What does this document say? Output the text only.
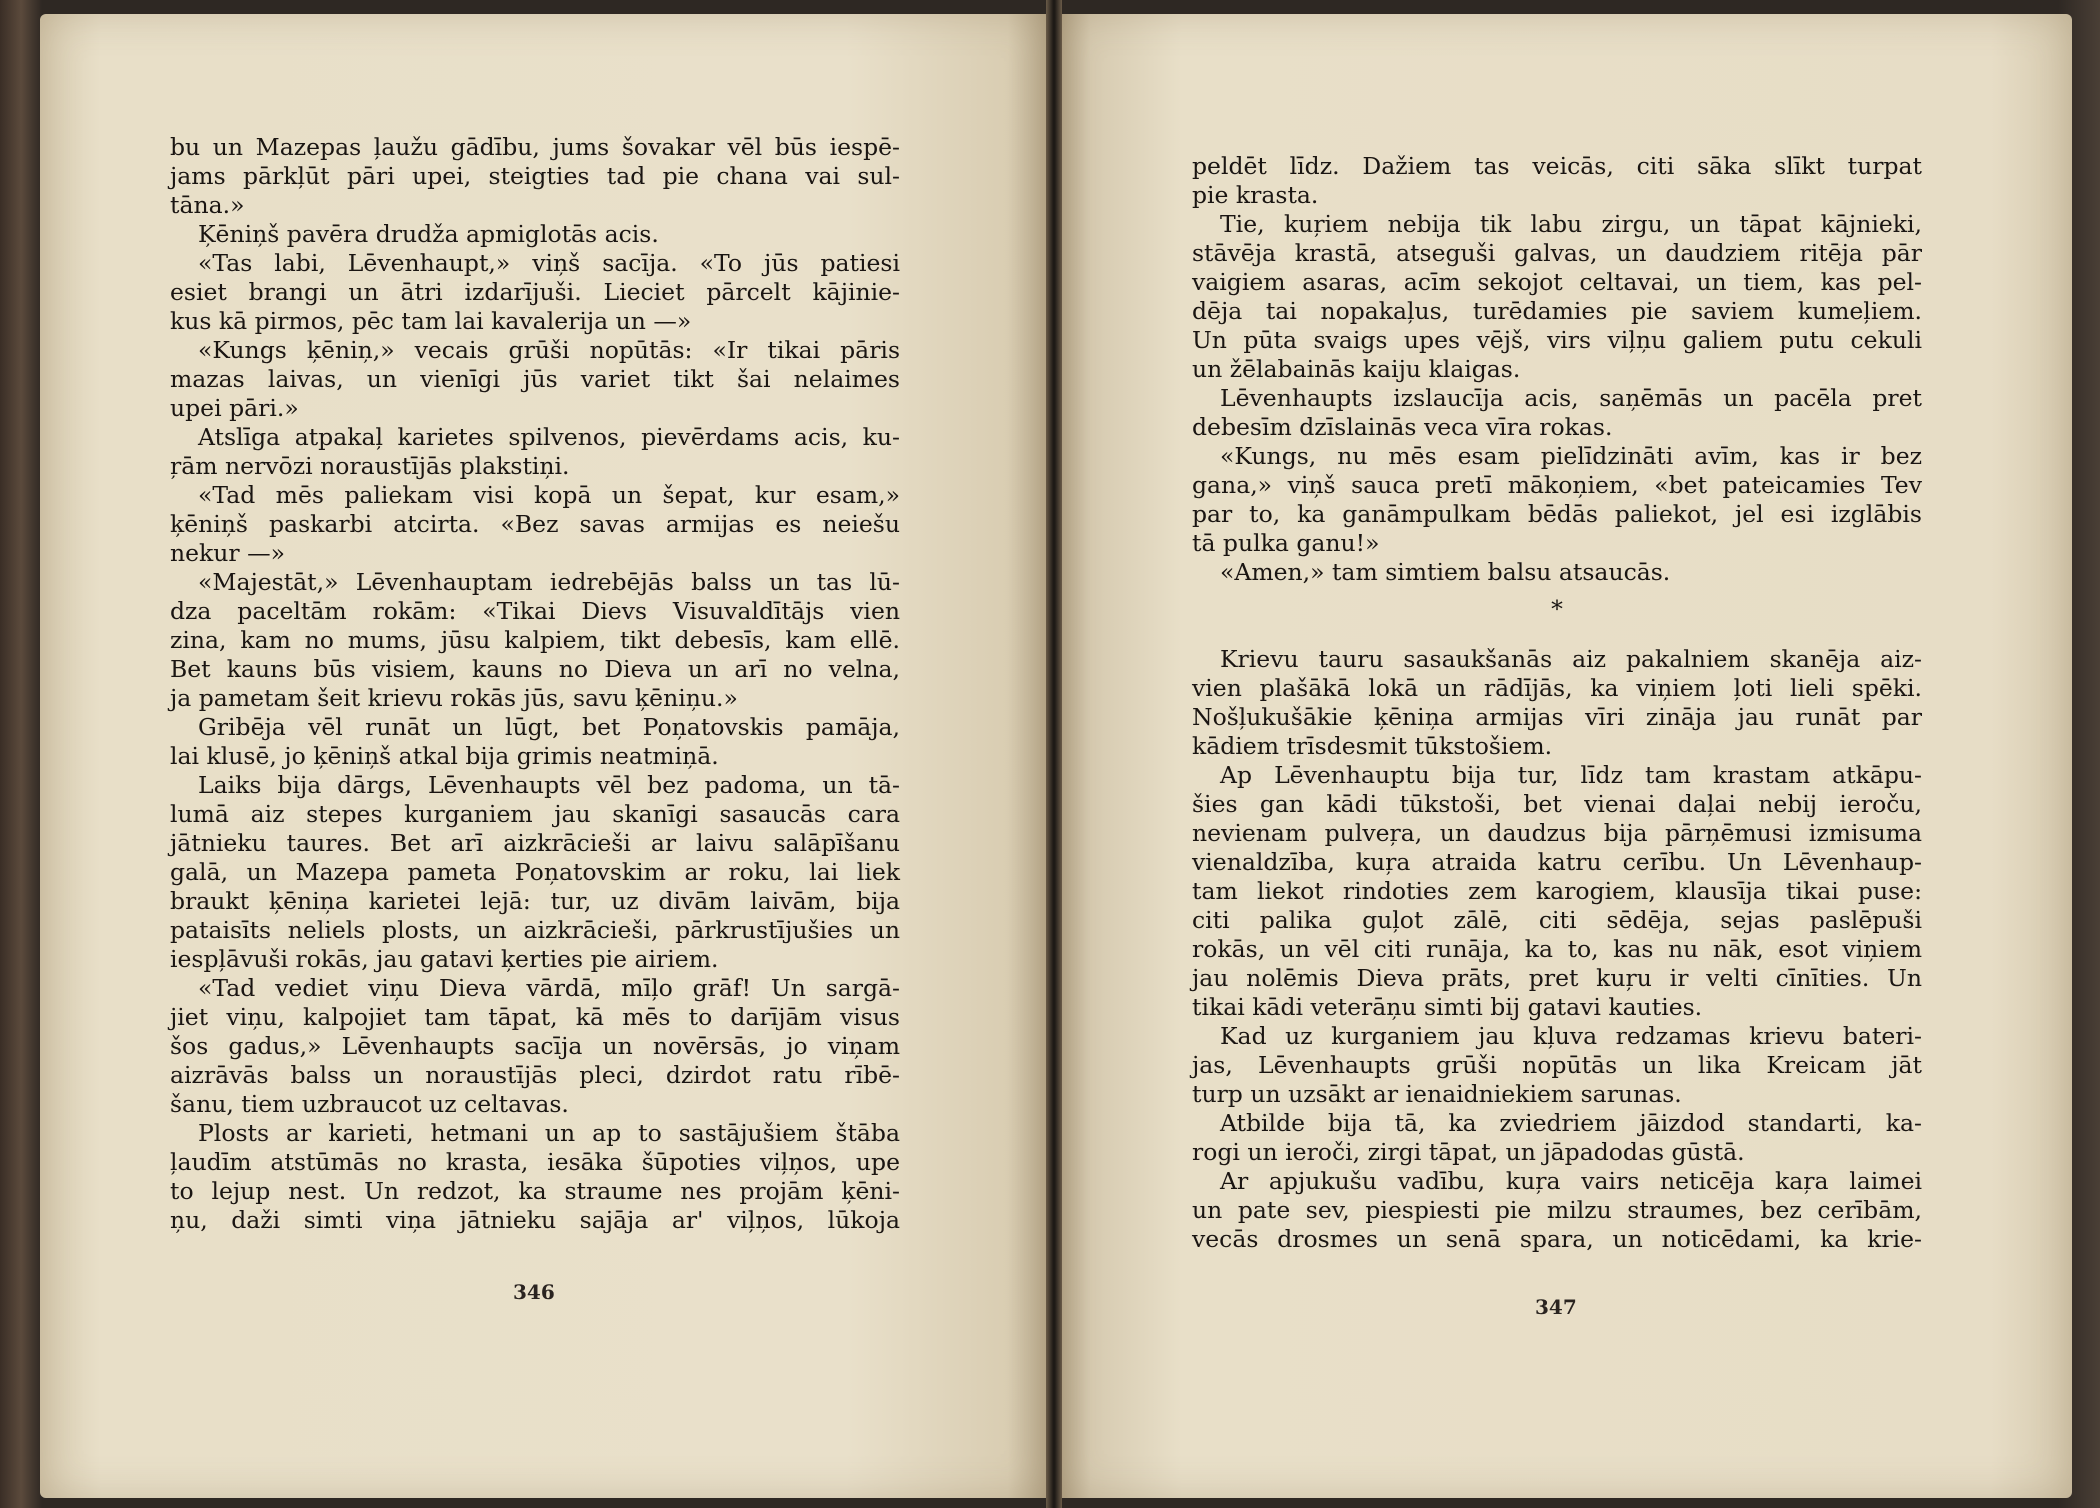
bu un Mazepas ļaužu gādību, jums šovakar vēl būs iespē-
jams pārkļūt pāri upei, steigties tad pie chana vai sul-
tāna.»
Ķēniņš pavēra drudža apmiglotās acis.
«Tas labi, Lēvenhaupt,» viņš sacīja. «To jūs patiesi
esiet brangi un ātri izdarījuši. Lieciet pārcelt kājinie-
kus kā pirmos, pēc tam lai kavalerija un —»
«Kungs ķēniņ,» vecais grūši nopūtās: «Ir tikai pāris
mazas laivas, un vienīgi jūs variet tikt šai nelaimes
upei pāri.»
Atslīga atpakaļ karietes spilvenos, pievērdams acis, ku-
ŗām nervōzi noraustījās plakstiņi.
«Tad mēs paliekam visi kopā un šepat, kur esam,»
ķēniņš paskarbi atcirta. «Bez savas armijas es neiešu
nekur —»
«Majestāt,» Lēvenhauptam iedrebējās balss un tas lū-
dza paceltām rokām: «Tikai Dievs Visuvaldītājs vien
zina, kam no mums, jūsu kalpiem, tikt debesīs, kam ellē.
Bet kauns būs visiem, kauns no Dieva un arī no velna,
ja pametam šeit krievu rokās jūs, savu ķēniņu.»
Gribēja vēl runāt un lūgt, bet Poņatovskis pamāja,
lai klusē, jo ķēniņš atkal bija grimis neatmiņā.
Laiks bija dārgs, Lēvenhaupts vēl bez padoma, un tā-
lumā aiz stepes kurganiem jau skanīgi sasaucās cara
jātnieku taures. Bet arī aizkrācieši ar laivu salāpīšanu
galā, un Mazepa pameta Poņatovskim ar roku, lai liek
braukt ķēniņa karietei lejā: tur, uz divām laivām, bija
pataisīts neliels plosts, un aizkrācieši, pārkrustījušies un
iespļāvuši rokās, jau gatavi ķerties pie airiem.
«Tad vediet viņu Dieva vārdā, mīļo grāf! Un sargā-
jiet viņu, kalpojiet tam tāpat, kā mēs to darījām visus
šos gadus,» Lēvenhaupts sacīja un novērsās, jo viņam
aizrāvās balss un noraustījās pleci, dzirdot ratu rībē-
šanu, tiem uzbraucot uz celtavas.
Plosts ar karieti, hetmani un ap to sastājušiem štāba
ļaudīm atstūmās no krasta, iesāka šūpoties viļņos, upe
to lejup nest. Un redzot, ka straume nes projām ķēni-
ņu, daži simti viņa jātnieku sajāja ar' viļņos, lūkoja
peldēt līdz. Dažiem tas veicās, citi sāka slīkt turpat
pie krasta.
Tie, kuŗiem nebija tik labu zirgu, un tāpat kājnieki,
stāvēja krastā, atseguši galvas, un daudziem ritēja pār
vaigiem asaras, acīm sekojot celtavai, un tiem, kas pel-
dēja tai nopakaļus, turēdamies pie saviem kumeļiem.
Un pūta svaigs upes vējš, virs viļņu galiem putu cekuli
un žēlabainās kaiju klaigas.
Lēvenhaupts izslaucīja acis, saņēmās un pacēla pret
debesīm dzīslainās veca vīra rokas.
«Kungs, nu mēs esam pielīdzināti avīm, kas ir bez
gana,» viņš sauca pretī mākoņiem, «bet pateicamies Tev
par to, ka ganāmpulkam bēdās paliekot, jel esi izglābis
tā pulka ganu!»
«Amen,» tam simtiem balsu atsaucās.
*
Krievu tauru sasaukšanās aiz pakalniem skanēja aiz-
vien plašākā lokā un rādījās, ka viņiem ļoti lieli spēki.
Nošļukušākie ķēniņa armijas vīri zināja jau runāt par
kādiem trīsdesmit tūkstošiem.
Ap Lēvenhauptu bija tur, līdz tam krastam atkāpu-
šies gan kādi tūkstoši, bet vienai daļai nebij ieroču,
nevienam pulveŗa, un daudzus bija pārņēmusi izmisuma
vienaldzība, kuŗa atraida katru cerību. Un Lēvenhaup-
tam liekot rindoties zem karogiem, klausīja tikai puse:
citi palika guļot zālē, citi sēdēja, sejas paslēpuši
rokās, un vēl citi runāja, ka to, kas nu nāk, esot viņiem
jau nolēmis Dieva prāts, pret kuŗu ir velti cīnīties. Un
tikai kādi veterāņu simti bij gatavi kauties.
Kad uz kurganiem jau kļuva redzamas krievu bateri-
jas, Lēvenhaupts grūši nopūtās un lika Kreicam jāt
turp un uzsākt ar ienaidniekiem sarunas.
Atbilde bija tā, ka zviedriem jāizdod standarti, ka-
rogi un ieroči, zirgi tāpat, un jāpadodas gūstā.
Ar apjukušu vadību, kuŗa vairs neticēja kaŗa laimei
un pate sev, piespiesti pie milzu straumes, bez cerībām,
vecās drosmes un senā spara, un noticēdami, ka krie-
346
347
